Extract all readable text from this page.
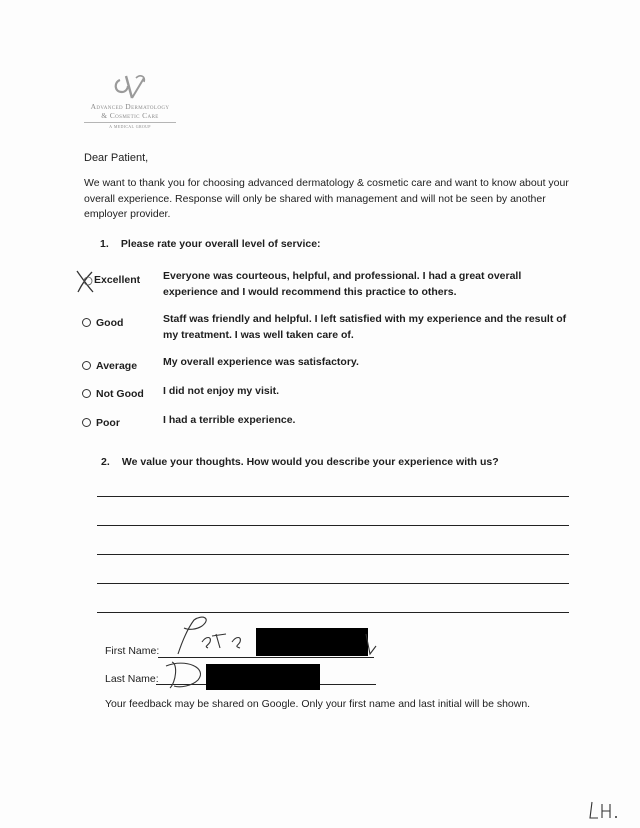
Advanced Dermatology
& Cosmetic Care
a medical group
Dear Patient,
We want to thank you for choosing advanced dermatology & cosmetic care and want to know about your overall experience. Response will only be shared with management and will not be seen by another employer provider.
1. Please rate your overall level of service:
Excellent Everyone was courteous, helpful, and professional. I had a great overall experience and I would recommend this practice to others.
Good	Staff was friendly and helpful. I left satisfied with my experience and the result of my treatment. I was well taken care of.
Average My overall experience was satisfactory.
Not Good I did not enjoy my visit.
Poor	I had a terrible experience.
2. We value your thoughts. How would you describe your experience with us?
First Name:
Last Name:
Your feedback may be shared on Google. Only your first name and last initial will be shown.
